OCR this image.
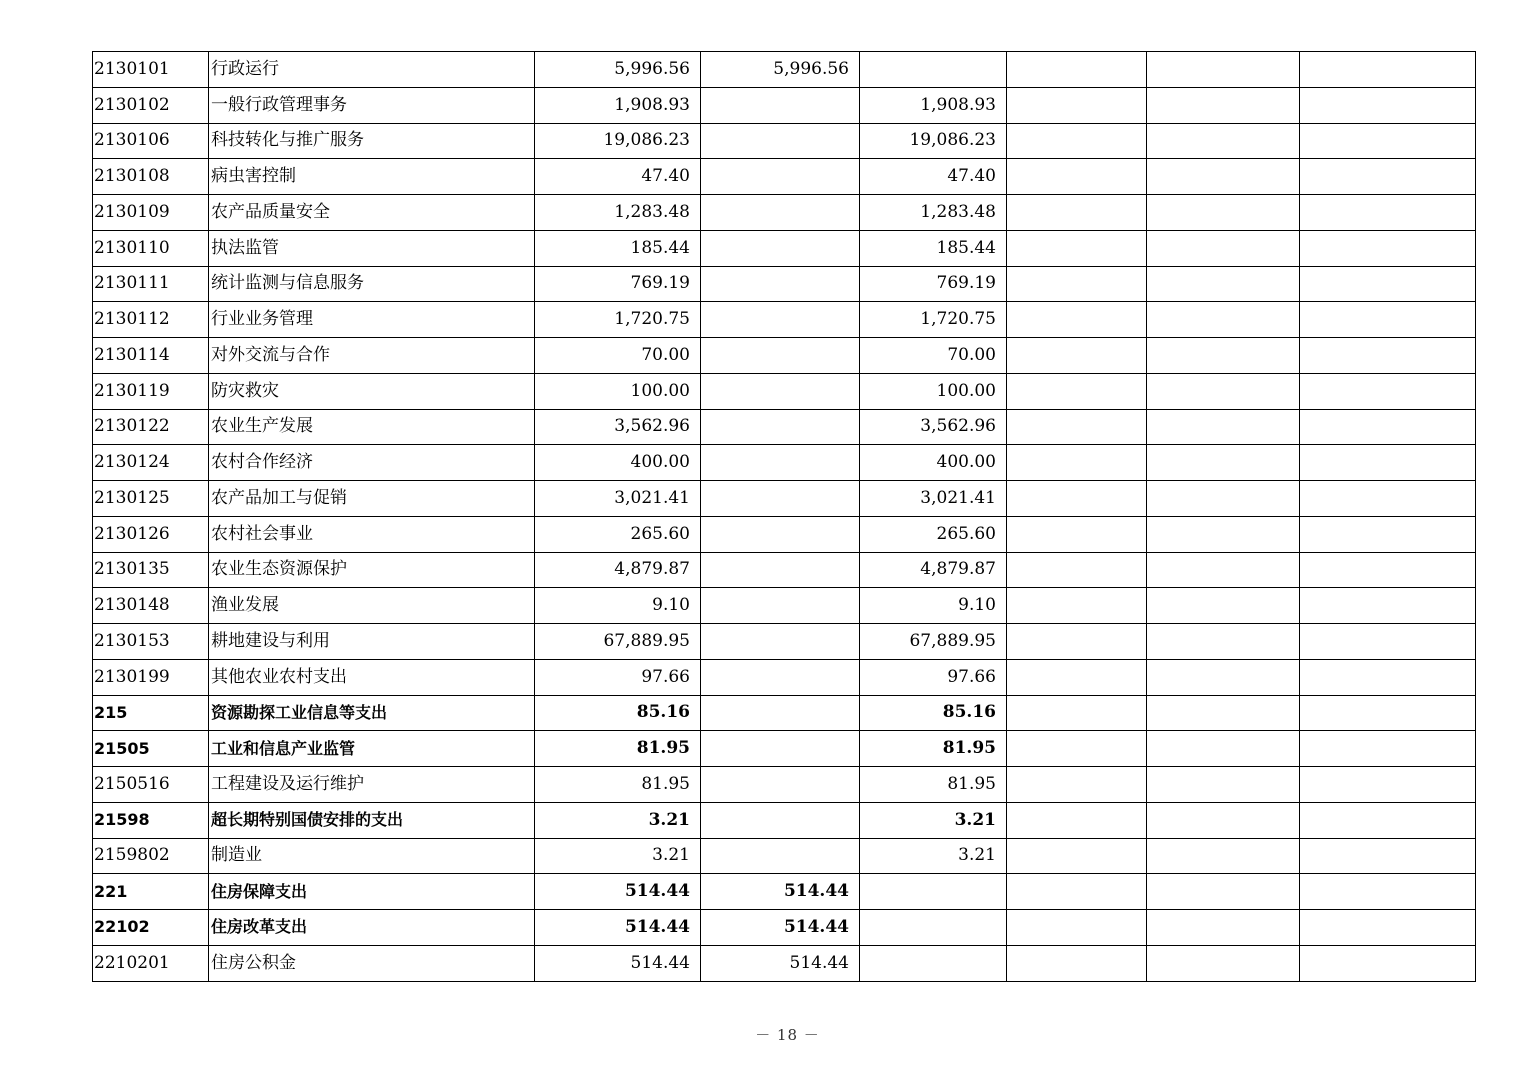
2130101	行政运行	5,996.56	5,996.56				
2130102	一般行政管理事务	1,908.93		1,908.93			
2130106	科技转化与推广服务	19,086.23		19,086.23			
2130108	病虫害控制	47.40		47.40			
2130109	农产品质量安全	1,283.48		1,283.48			
2130110	执法监管	185.44		185.44			
2130111	统计监测与信息服务	769.19		769.19			
2130112	行业业务管理	1,720.75		1,720.75			
2130114	对外交流与合作	70.00		70.00			
2130119	防灾救灾	100.00		100.00			
2130122	农业生产发展	3,562.96		3,562.96			
2130124	农村合作经济	400.00		400.00			
2130125	农产品加工与促销	3,021.41		3,021.41			
2130126	农村社会事业	265.60		265.60			
2130135	农业生态资源保护	4,879.87		4,879.87			
2130148	渔业发展	9.10		9.10			
2130153	耕地建设与利用	67,889.95		67,889.95			
2130199	其他农业农村支出	97.66		97.66			
215	资源勘探工业信息等支出	85.16		85.16			
21505	工业和信息产业监管	81.95		81.95			
2150516	工程建设及运行维护	81.95		81.95			
21598	超长期特别国债安排的支出	3.21		3.21			
2159802	制造业	3.21		3.21			
221	住房保障支出	514.44	514.44				
22102	住房改革支出	514.44	514.44				
2210201	住房公积金	514.44	514.44				
－ 18 －
